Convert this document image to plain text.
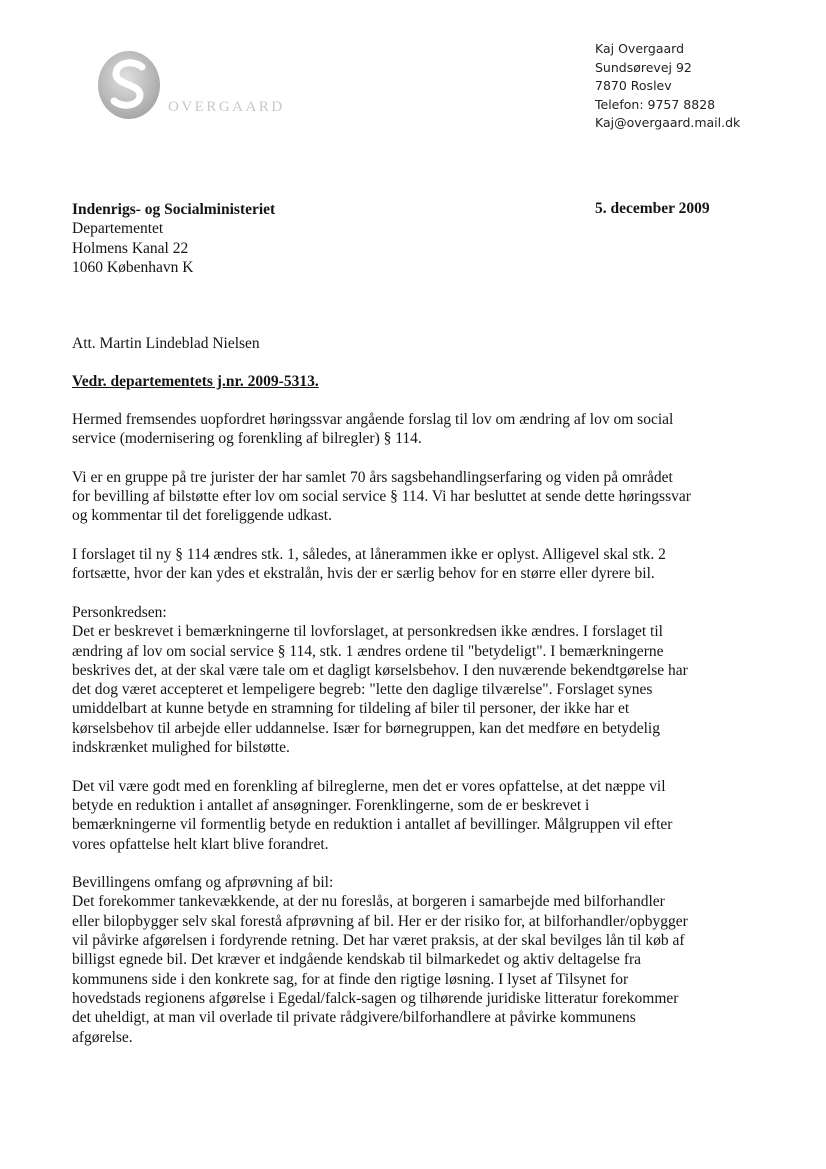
OVERGAARD
Kaj Overgaard
Sundsørevej 92
7870 Roslev
Telefon: 9757 8828
Kaj@overgaard.mail.dk
Indenrigs- og Socialministeriet
Departementet
Holmens Kanal 22
1060 København K
5. december 2009
Att. Martin Lindeblad Nielsen
Vedr. departementets j.nr. 2009-5313.
Hermed fremsendes uopfordret høringssvar angående forslag til lov om ændring af lov om social
service (modernisering og forenkling af bilregler) § 114.
Vi er en gruppe på tre jurister der har samlet 70 års sagsbehandlingserfaring og viden på området
for bevilling af bilstøtte efter lov om social service § 114. Vi har besluttet at sende dette høringssvar
og kommentar til det foreliggende udkast.
I forslaget til ny § 114 ændres stk. 1, således, at lånerammen ikke er oplyst. Alligevel skal stk. 2
fortsætte, hvor der kan ydes et ekstralån, hvis der er særlig behov for en større eller dyrere bil.
Personkredsen:
Det er beskrevet i bemærkningerne til lovforslaget, at personkredsen ikke ændres. I forslaget til
ændring af lov om social service § 114, stk. 1 ændres ordene til "betydeligt". I bemærkningerne
beskrives det, at der skal være tale om et dagligt kørselsbehov. I den nuværende bekendtgørelse har
det dog været accepteret et lempeligere begreb: "lette den daglige tilværelse". Forslaget synes
umiddelbart at kunne betyde en stramning for tildeling af biler til personer, der ikke har et
kørselsbehov til arbejde eller uddannelse. Især for børnegruppen, kan det medføre en betydelig
indskrænket mulighed for bilstøtte.
Det vil være godt med en forenkling af bilreglerne, men det er vores opfattelse, at det næppe vil
betyde en reduktion i antallet af ansøgninger. Forenklingerne, som de er beskrevet i
bemærkningerne vil formentlig betyde en reduktion i antallet af bevillinger. Målgruppen vil efter
vores opfattelse helt klart blive forandret.
Bevillingens omfang og afprøvning af bil:
Det forekommer tankevækkende, at der nu foreslås, at borgeren i samarbejde med bilforhandler
eller bilopbygger selv skal forestå afprøvning af bil. Her er der risiko for, at bilforhandler/opbygger
vil påvirke afgørelsen i fordyrende retning. Det har været praksis, at der skal bevilges lån til køb af
billigst egnede bil. Det kræver et indgående kendskab til bilmarkedet og aktiv deltagelse fra
kommunens side i den konkrete sag, for at finde den rigtige løsning. I lyset af Tilsynet for
hovedstads regionens afgørelse i Egedal/falck-sagen og tilhørende juridiske litteratur forekommer
det uheldigt, at man vil overlade til private rådgivere/bilforhandlere at påvirke kommunens
afgørelse.
